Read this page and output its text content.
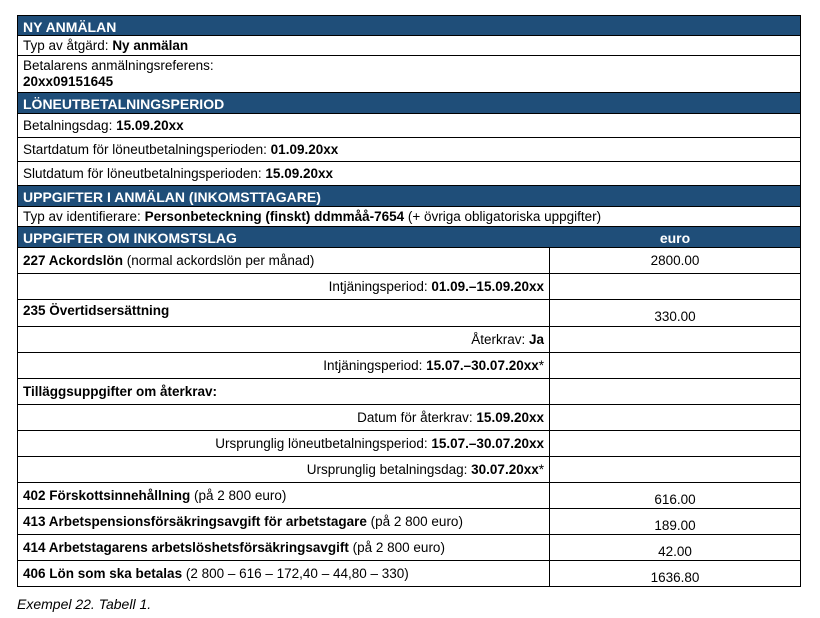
NY ANMÄLAN
Typ av åtgärd: Ny anmälan
Betalarens anmälningsreferens:
20xx09151645
LÖNEUTBETALNINGSPERIOD
Betalningsdag: 15.09.20xx
Startdatum för löneutbetalningsperioden: 01.09.20xx
Slutdatum för löneutbetalningsperioden: 15.09.20xx
UPPGIFTER I ANMÄLAN (INKOMSTTAGARE)
Typ av identifierare: Personbeteckning (finskt) ddmmåå-7654 (+ övriga obligatoriska uppgifter)
UPPGIFTER OM INKOMSTSLAG	euro
227 Ackordslön (normal ackordslön per månad)	2800.00
Intjäningsperiod: 01.09.–15.09.20xx
235 Övertidsersättning	330.00
Återkrav: Ja
Intjäningsperiod: 15.07.–30.07.20xx*
Tilläggsuppgifter om återkrav:
Datum för återkrav: 15.09.20xx
Ursprunglig löneutbetalningsperiod: 15.07.–30.07.20xx
Ursprunglig betalningsdag: 30.07.20xx*
402 Förskottsinnehållning (på 2 800 euro)	616.00
413 Arbetspensionsförsäkringsavgift för arbetstagare (på 2 800 euro)	189.00
414 Arbetstagarens arbetslöshetsförsäkringsavgift (på 2 800 euro)	42.00
406 Lön som ska betalas (2 800 – 616 – 172,40 – 44,80 – 330)	1636.80
Exempel 22. Tabell 1.
